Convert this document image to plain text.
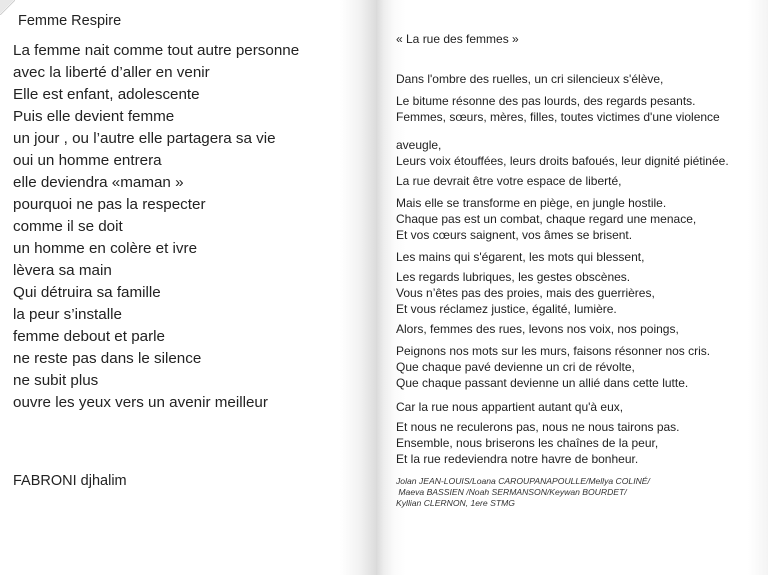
Femme Respire
La femme nait comme tout autre personne
avec la liberté d’aller en venir
Elle est enfant, adolescente
Puis elle devient femme
un jour , ou l’autre elle partagera sa vie
oui un homme entrera
elle deviendra «maman »
pourquoi ne pas la respecter
comme il se doit
un homme en colère et ivre
lèvera sa main
Qui détruira sa famille
la peur s’installe
femme debout et parle
ne reste pas dans le silence
ne subit plus
ouvre les yeux vers un avenir meilleur
FABRONI djhalim
« La rue des femmes »
Dans l'ombre des ruelles, un cri silencieux s'élève,
Le bitume résonne des pas lourds, des regards pesants.
Femmes, sœurs, mères, filles, toutes victimes d'une violence
aveugle,
Leurs voix étouffées, leurs droits bafoués, leur dignité piétinée.
La rue devrait être votre espace de liberté,
Mais elle se transforme en piège, en jungle hostile.
Chaque pas est un combat, chaque regard une menace,
Et vos cœurs saignent, vos âmes se brisent.
Les mains qui s'égarent, les mots qui blessent,
Les regards lubriques, les gestes obscènes.
Vous n’êtes pas des proies, mais des guerrières,
Et vous réclamez justice, égalité, lumière.
Alors, femmes des rues, levons nos voix, nos poings,
Peignons nos mots sur les murs, faisons résonner nos cris.
Que chaque pavé devienne un cri de révolte,
Que chaque passant devienne un allié dans cette lutte.
Car la rue nous appartient autant qu'à eux,
Et nous ne reculerons pas, nous ne nous tairons pas.
Ensemble, nous briserons les chaînes de la peur,
Et la rue redeviendra notre havre de bonheur.
Jolan JEAN-LOUIS/Loana CAROUPANAPOULLE/Mellya COLINÉ/
Maeva BASSIEN /Noah SERMANSON/Keywan BOURDET/
Kyllian CLERNON, 1ere STMG
